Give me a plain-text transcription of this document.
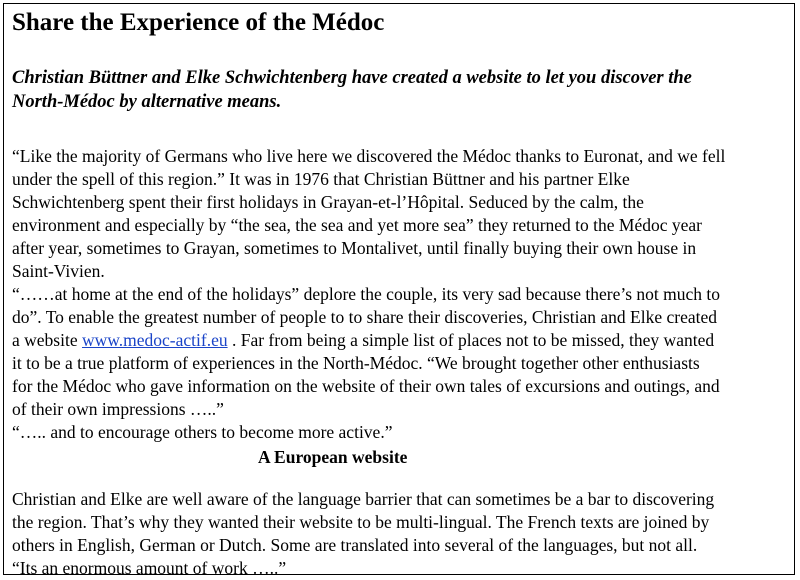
Share the Experience of the Médoc
Christian Büttner and Elke Schwichtenberg have created a website to let you discover the
North-Médoc by alternative means.
“Like the majority of Germans who live here we discovered the Médoc thanks to Euronat, and we fell
under the spell of this region.” It was in 1976 that Christian Büttner and his partner Elke
Schwichtenberg spent their first holidays in Grayan-et-l’Hôpital. Seduced by the calm, the
environment and especially by “the sea, the sea and yet more sea” they returned to the Médoc year
after year, sometimes to Grayan, sometimes to Montalivet, until finally buying their own house in
Saint-Vivien.
“……at home at the end of the holidays” deplore the couple, its very sad because there’s not much to
do”. To enable the greatest number of people to to share their discoveries, Christian and Elke created
a website www.medoc-actif.eu . Far from being a simple list of places not to be missed, they wanted
it to be a true platform of experiences in the North-Médoc. “We brought together other enthusiasts
for the Médoc who gave information on the website of their own tales of excursions and outings, and
of their own impressions …..”
“….. and to encourage others to become more active.”
A European website
Christian and Elke are well aware of the language barrier that can sometimes be a bar to discovering
the region. That’s why they wanted their website to be multi-lingual. The French texts are joined by
others in English, German or Dutch. Some are translated into several of the languages, but not all.
“Its an enormous amount of work …..”
